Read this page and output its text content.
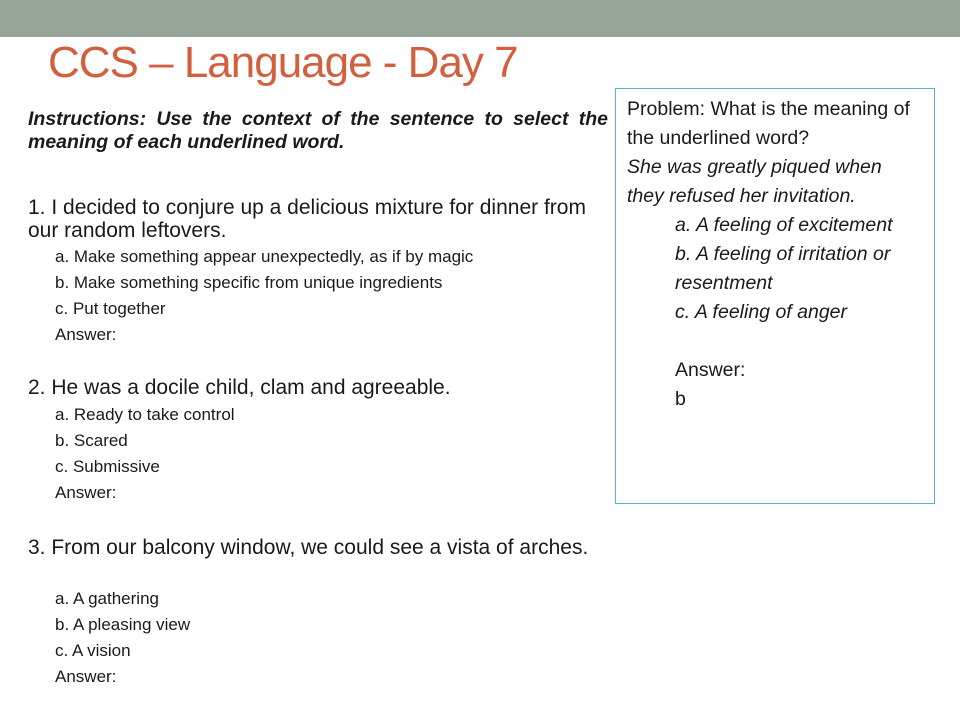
CCS – Language - Day 7
Instructions: Use the context of the sentence to select the meaning of each underlined word.
1. I decided to conjure up a delicious mixture for dinner from our random leftovers.
a. Make something appear unexpectedly, as if by magic
b. Make something specific from unique ingredients
c. Put together
Answer:
2. He was a docile child, clam and agreeable.
a. Ready to take control
b. Scared
c. Submissive
Answer:
3. From our balcony window, we could see a vista of arches.
a. A gathering
b. A pleasing view
c. A vision
Answer:
Problem: What is the meaning of the underlined word?
She was greatly piqued when they refused her invitation.
a. A feeling of excitement
b. A feeling of irritation or resentment
c. A feeling of anger
Answer:
b
